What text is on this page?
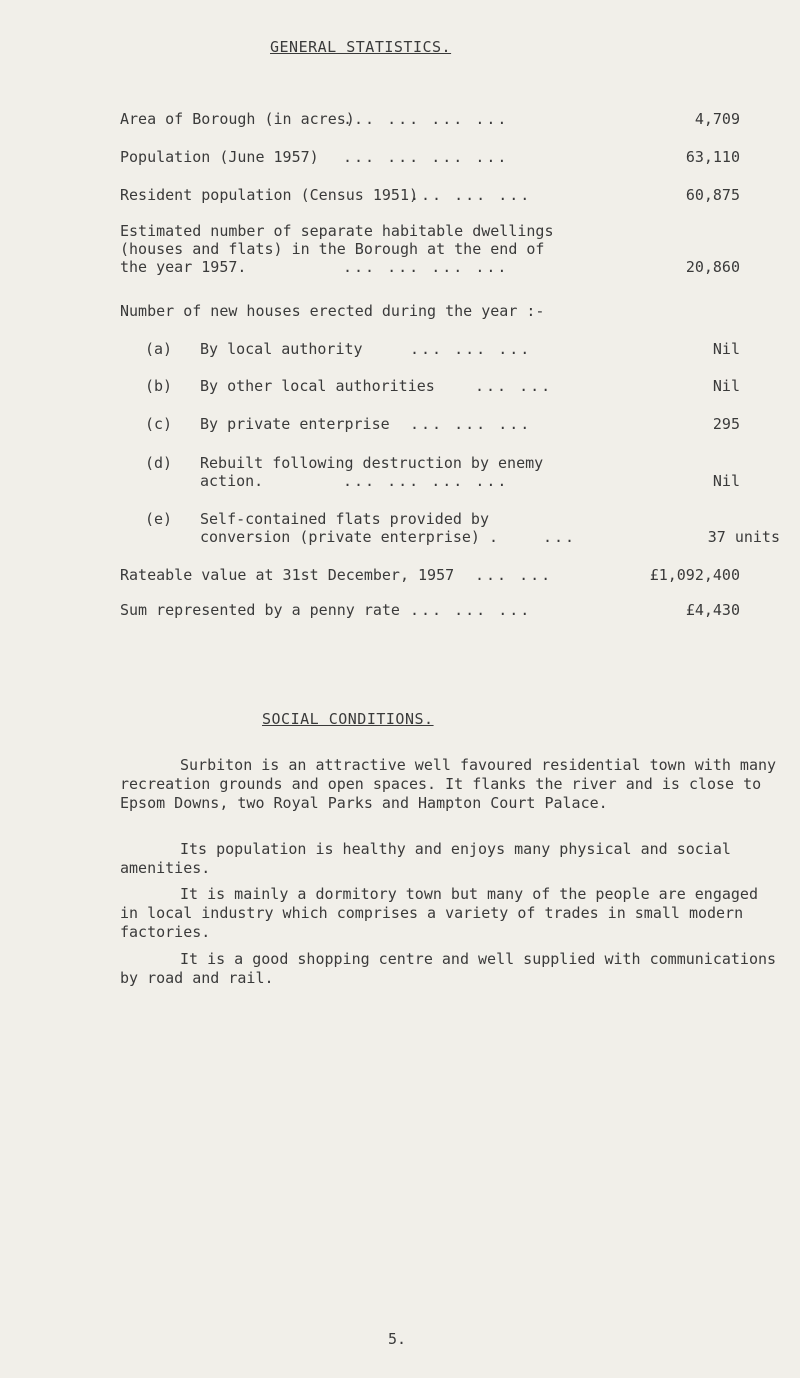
GENERAL STATISTICS.
Area of Borough (in acres)
... ... ... ...	4,709
Population (June 1957) ... ... ... ...	63,110
Resident population (Census 1951)
... ... ...	60,875
Estimated number of separate habitable dwellings
(houses and flats) in the Borough at the end of
the year 1957.	... ... ... ...	20,860
Number of new houses erected during the year :-
(a) By local authority	... ... ...	Nil
(b) By other local authorities	... ...	Nil
(c) By private enterprise ... ... ...	295
(d) Rebuilt following destruction by enemy
action.	... ... ... ...	Nil
(e) Self-contained flats provided by
conversion (private enterprise) .	...	37 units
Rateable value at 31st December, 1957 ... ...	£1,092,400
Sum represented by a penny rate ... ... ...	£4,430
SOCIAL CONDITIONS.
Surbiton is an attractive well favoured residential town with many recreation grounds and open spaces. It flanks the river and is close to Epsom Downs, two Royal Parks and Hampton Court Palace.
Its population is healthy and enjoys many physical and social amenities.
It is mainly a dormitory town but many of the people are engaged in local industry which comprises a variety of trades in small modern factories.
It is a good shopping centre and well supplied with communications by road and rail.
5.
